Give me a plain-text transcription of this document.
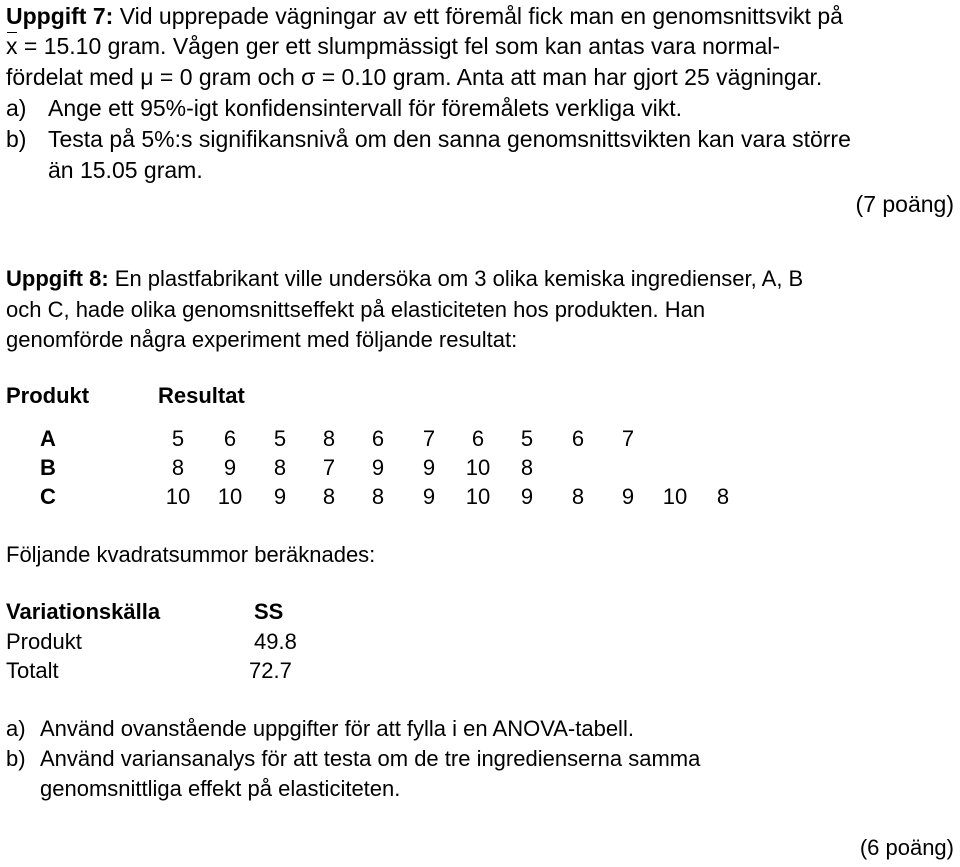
Uppgift 7: Vid upprepade vägningar av ett föremål fick man en genomsnittsvikt på
x = 15.10 gram. Vågen ger ett slumpmässigt fel som kan antas vara normal-
fördelat med μ = 0 gram och σ = 0.10 gram. Anta att man har gjort 25 vägningar.
a) Ange ett 95%-igt konfidensintervall för föremålets verkliga vikt.
b) Testa på 5%:s signifikansnivå om den sanna genomsnittsvikten kan vara större
än 15.05 gram.
(7 poäng)
Uppgift 8: En plastfabrikant ville undersöka om 3 olika kemiska ingredienser, A, B
och C, hade olika genomsnittseffekt på elasticiteten hos produkten. Han
genomförde några experiment med följande resultat:
Produkt	Resultat
A	5 6 5 8 6 7 6 5 6 7
B	8 9 8 7 9 9 10 8
C	10 10 9 8 8 9 10 9 8 9 10 8
Följande kvadratsummor beräknades:
Variationskälla	SS
Produkt	49.8
Totalt	72.7
a) Använd ovanstående uppgifter för att fylla i en ANOVA-tabell.
b) Använd variansanalys för att testa om de tre ingredienserna samma
genomsnittliga effekt på elasticiteten.
(6 poäng)
